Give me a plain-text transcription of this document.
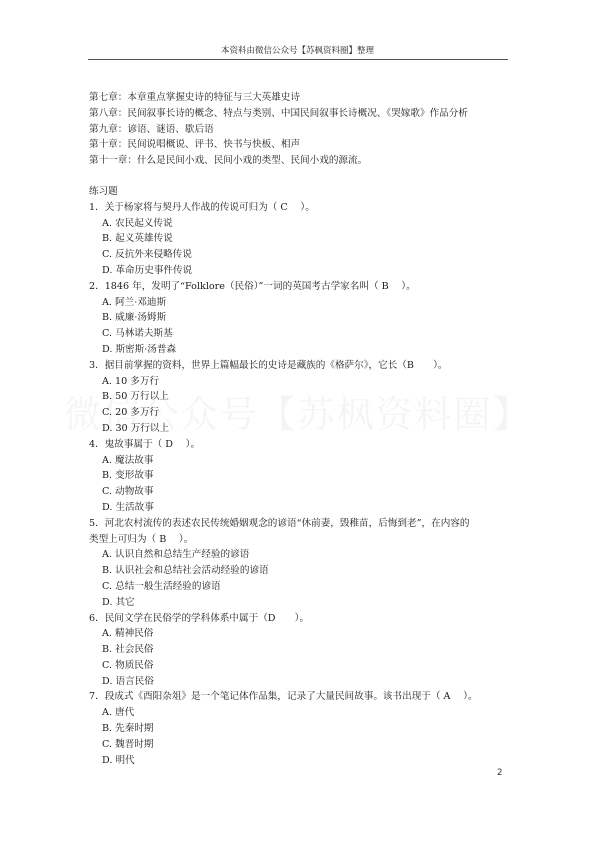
本资料由微信公众号【苏枫资料圈】整理
第七章：本章重点掌握史诗的特征与三大英雄史诗
第八章：民间叙事长诗的概念、特点与类别、中国民间叙事长诗概况、《哭嫁歌》作品分析
第九章：谚语、谜语、歇后语
第十章：民间说唱概说、评书、快书与快板、相声
第十一章：什么是民间小戏、民间小戏的类型、民间小戏的源流。
练习题
1．关于杨家将与契丹人作战的传说可归为（ C　 ）。
A. 农民起义传说
B. 起义英雄传说
C. 反抗外来侵略传说
D. 革命历史事件传说
2．1846 年，发明了“Folklore（民俗）”一词的英国考古学家名叫（ B　 ）。
A. 阿兰·邓迪斯
B. 威廉·汤姆斯
C. 马林诺夫斯基
D. 斯密斯·汤普森
3．据目前掌握的资料，世界上篇幅最长的史诗是藏族的《格萨尔》，它长（B　　）。
A. 10 多万行
B. 50 万行以上
C. 20 多万行
D. 30 万行以上
4．鬼故事属于（ D　 ）。
A. 魔法故事
B. 变形故事
C. 动物故事
D. 生活故事
5．河北农村流传的表述农民传统婚姻观念的谚语“休前妻，毁稚苗，后悔到老”，在内容的
类型上可归为（ B　 ）。
A. 认识自然和总结生产经验的谚语
B. 认识社会和总结社会活动经验的谚语
C. 总结一般生活经验的谚语
D. 其它
6．民间文学在民俗学的学科体系中属于（D　　）。
A. 精神民俗
B. 社会民俗
C. 物质民俗
D. 语言民俗
7．段成式《酉阳杂俎》是一个笔记体作品集，记录了大量民间故事。该书出现于（ A　 ）。
A. 唐代
B. 先秦时期
C. 魏晋时期
D. 明代
2
